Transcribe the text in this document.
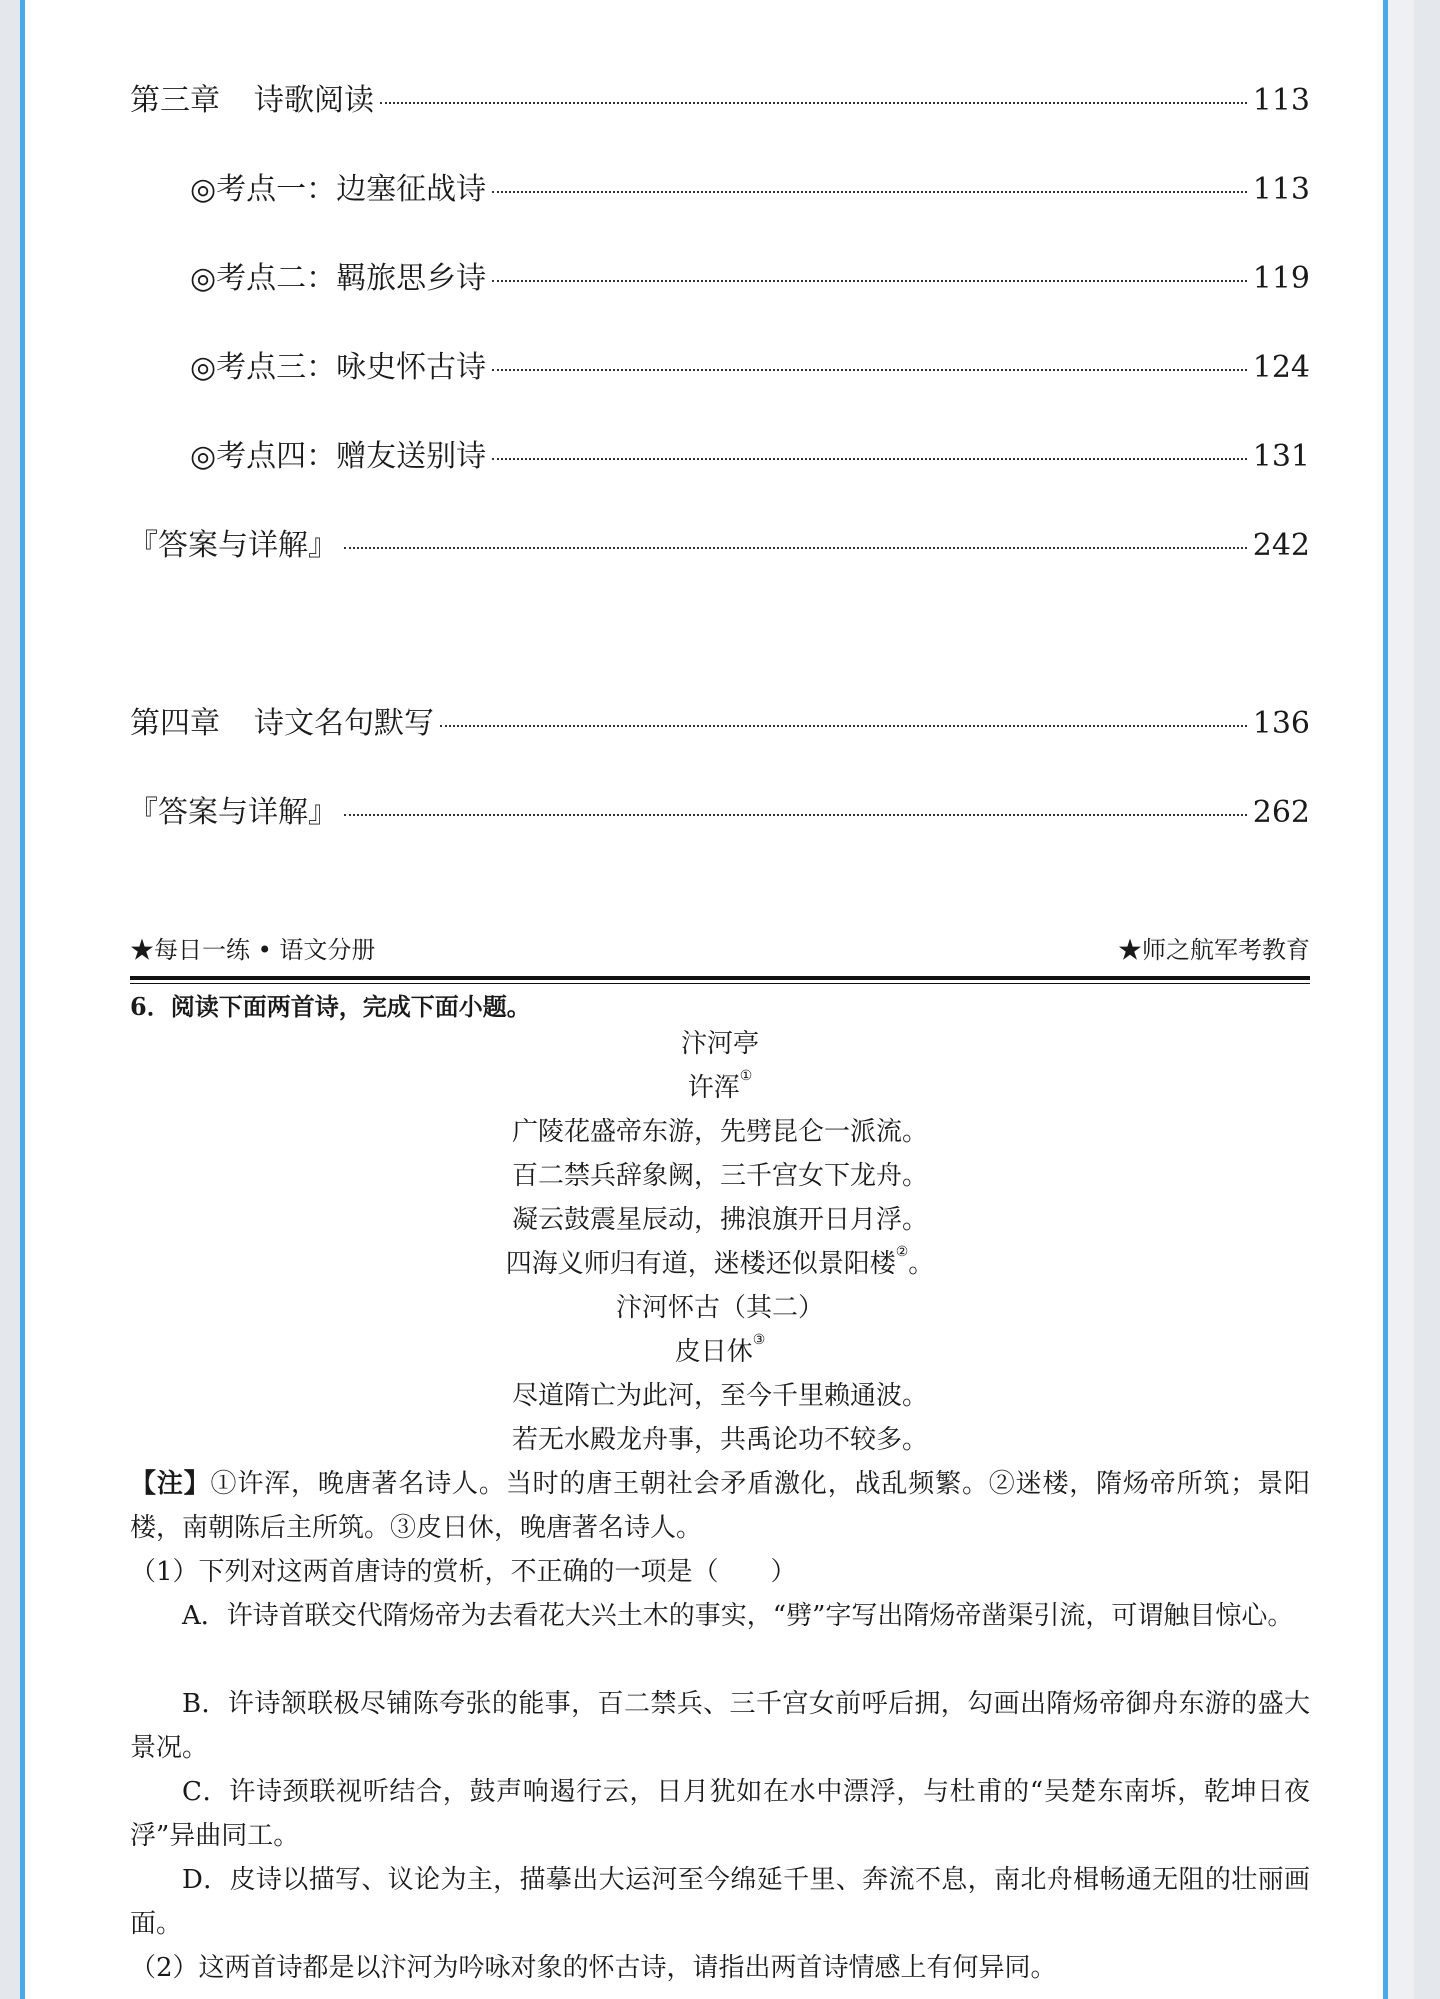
第三章 诗歌阅读	113
◎考点一：边塞征战诗	113
◎考点二：羁旅思乡诗	119
◎考点三：咏史怀古诗	124
◎考点四：赠友送别诗	131
『答案与详解』	242
第四章 诗文名句默写	136
『答案与详解』	262
★每日一练 • 语文分册	★师之航军考教育
6．阅读下面两首诗，完成下面小题。
汴河亭
许浑①
广陵花盛帝东游，先劈昆仑一派流。
百二禁兵辞象阙，三千宫女下龙舟。
凝云鼓震星辰动，拂浪旗开日月浮。
四海义师归有道，迷楼还似景阳楼②。
汴河怀古（其二）
皮日休③
尽道隋亡为此河，至今千里赖通波。
若无水殿龙舟事，共禹论功不较多。
【注】①许浑，晚唐著名诗人。当时的唐王朝社会矛盾激化，战乱频繁。②迷楼，隋炀帝所筑；景阳楼，南朝陈后主所筑。③皮日休，晚唐著名诗人。
（1）下列对这两首唐诗的赏析，不正确的一项是（　　）
A．许诗首联交代隋炀帝为去看花大兴土木的事实，“劈”字写出隋炀帝凿渠引流，可谓触目惊心。
B．许诗颔联极尽铺陈夸张的能事，百二禁兵、三千宫女前呼后拥，勾画出隋炀帝御舟东游的盛大景况。
C．许诗颈联视听结合，鼓声响遏行云，日月犹如在水中漂浮，与杜甫的“吴楚东南坼，乾坤日夜浮”异曲同工。
D．皮诗以描写、议论为主，描摹出大运河至今绵延千里、奔流不息，南北舟楫畅通无阻的壮丽画面。
（2）这两首诗都是以汴河为吟咏对象的怀古诗，请指出两首诗情感上有何异同。
